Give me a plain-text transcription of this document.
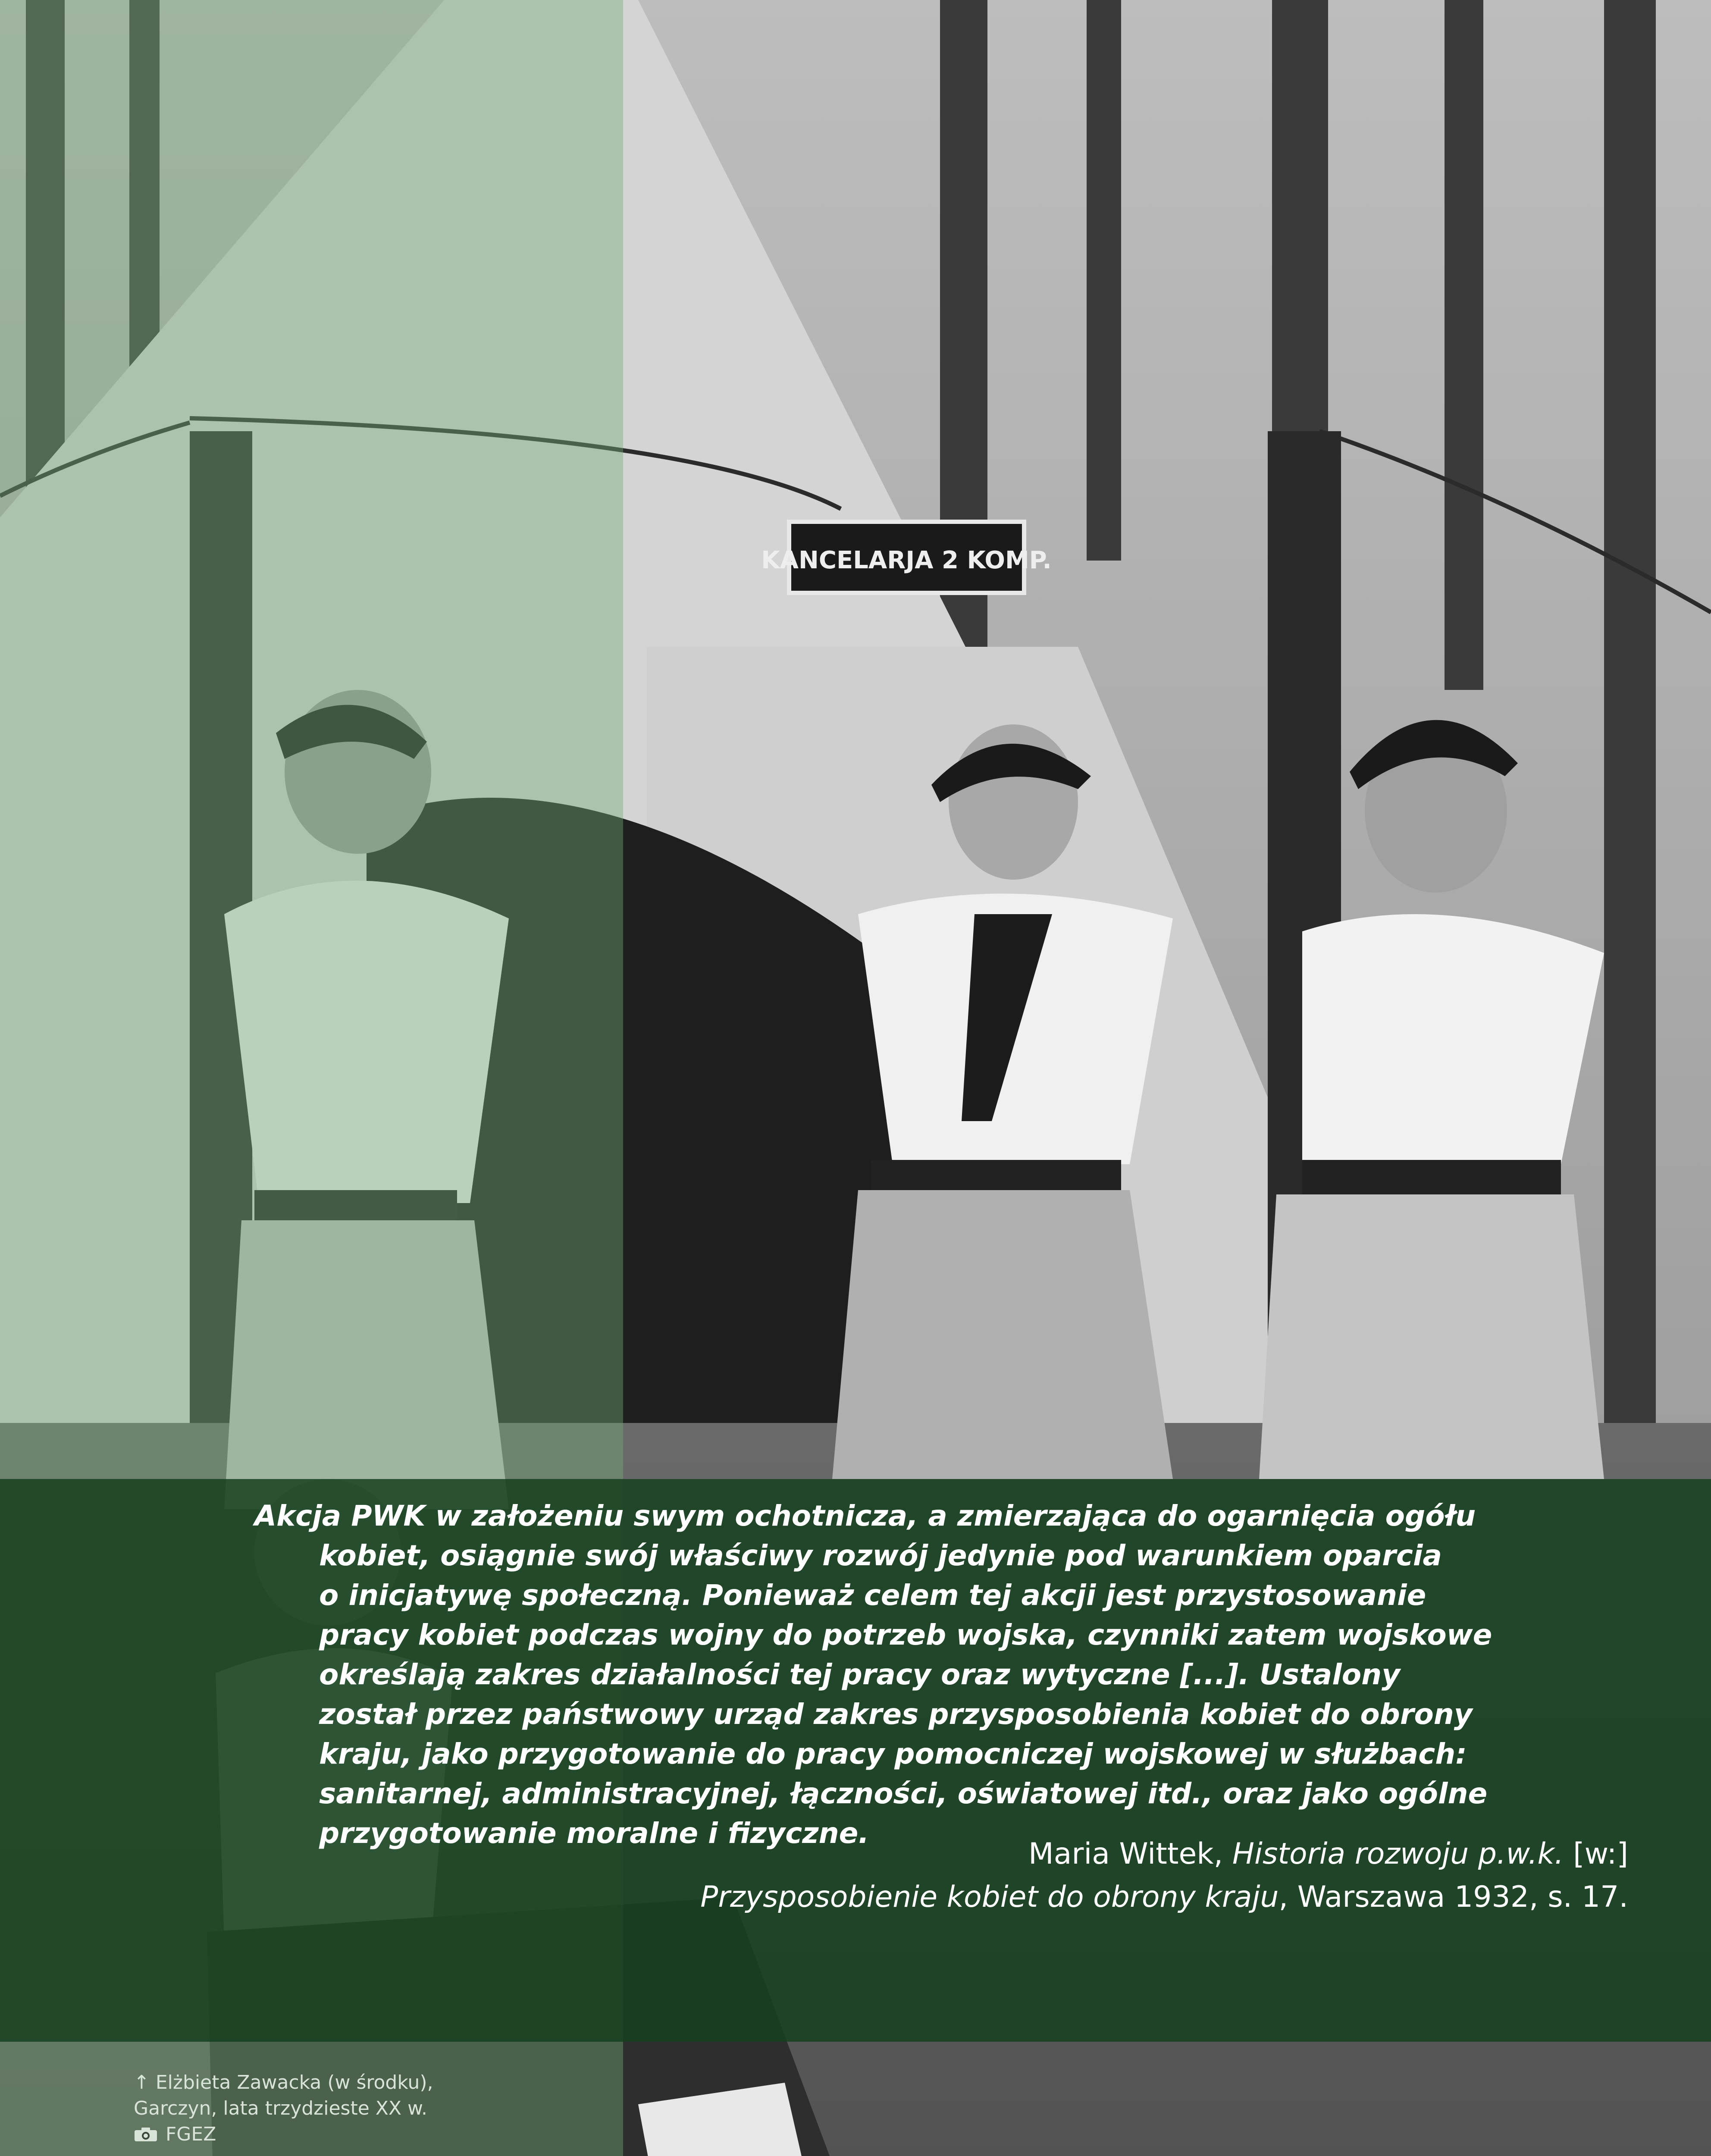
KANCELARJA 2 KOMP.
Akcja PWK w założeniu swym ochotnicza, a zmierzająca do ogarnięcia ogółu
kobiet, osiągnie swój właściwy rozwój jedynie pod warunkiem oparcia
o inicjatywę społeczną. Ponieważ celem tej akcji jest przystosowanie
pracy kobiet podczas wojny do potrzeb wojska, czynniki zatem wojskowe
określają zakres działalności tej pracy oraz wytyczne [...]. Ustalony
został przez państwowy urząd zakres przysposobienia kobiet do obrony
kraju, jako przygotowanie do pracy pomocniczej wojskowej w służbach:
sanitarnej, administracyjnej, łączności, oświatowej itd., oraz jako ogólne
przygotowanie moralne i fizyczne.
Maria Wittek, Historia rozwoju p.w.k. [w:]
Przysposobienie kobiet do obrony kraju, Warszawa 1932, s. 17.
↑ Elżbieta Zawacka (w środku),
Garczyn, lata trzydzieste XX w.
FGEZ
